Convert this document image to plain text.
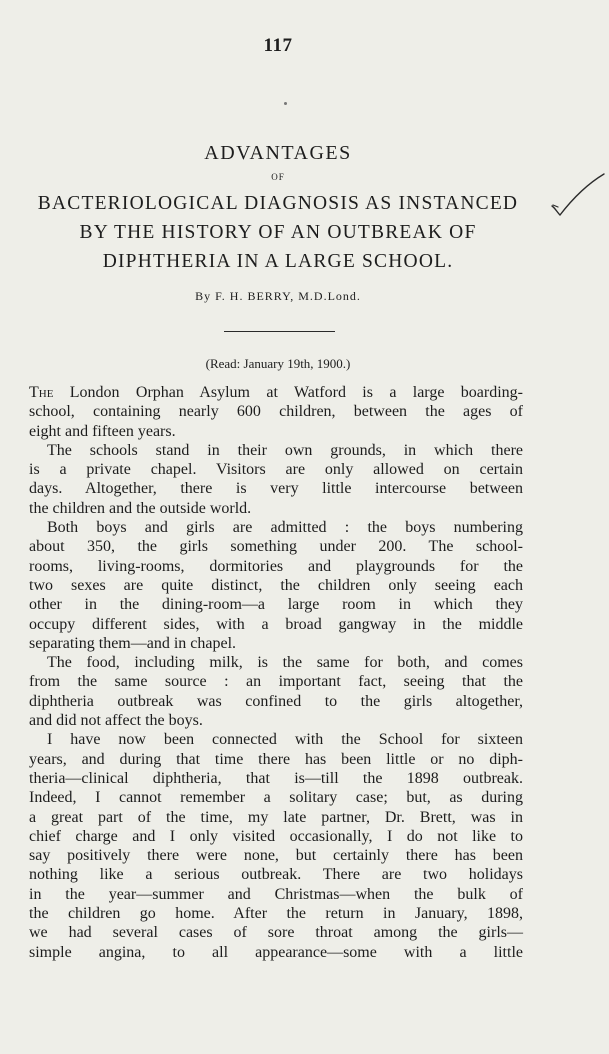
117
ADVANTAGES
OF
BACTERIOLOGICAL DIAGNOSIS AS INSTANCED
BY THE HISTORY OF AN OUTBREAK OF
DIPHTHERIA IN A LARGE SCHOOL.
By F. H. BERRY, M.D.Lond.
(Read: January 19th, 1900.)
The London Orphan Asylum at Watford is a large boarding-
school, containing nearly 600 children, between the ages of
eight and fifteen years.
The schools stand in their own grounds, in which there
is a private chapel. Visitors are only allowed on certain
days. Altogether, there is very little intercourse between
the children and the outside world.
Both boys and girls are admitted : the boys numbering
about 350, the girls something under 200. The school-
rooms, living-rooms, dormitories and playgrounds for the
two sexes are quite distinct, the children only seeing each
other in the dining-room—a large room in which they
occupy different sides, with a broad gangway in the middle
separating them—and in chapel.
The food, including milk, is the same for both, and comes
from the same source : an important fact, seeing that the
diphtheria outbreak was confined to the girls altogether,
and did not affect the boys.
I have now been connected with the School for sixteen
years, and during that time there has been little or no diph-
theria—clinical diphtheria, that is—till the 1898 outbreak.
Indeed, I cannot remember a solitary case; but, as during
a great part of the time, my late partner, Dr. Brett, was in
chief charge and I only visited occasionally, I do not like to
say positively there were none, but certainly there has been
nothing like a serious outbreak. There are two holidays
in the year—summer and Christmas—when the bulk of
the children go home. After the return in January, 1898,
we had several cases of sore throat among the girls—
simple angina, to all appearance—some with a little
